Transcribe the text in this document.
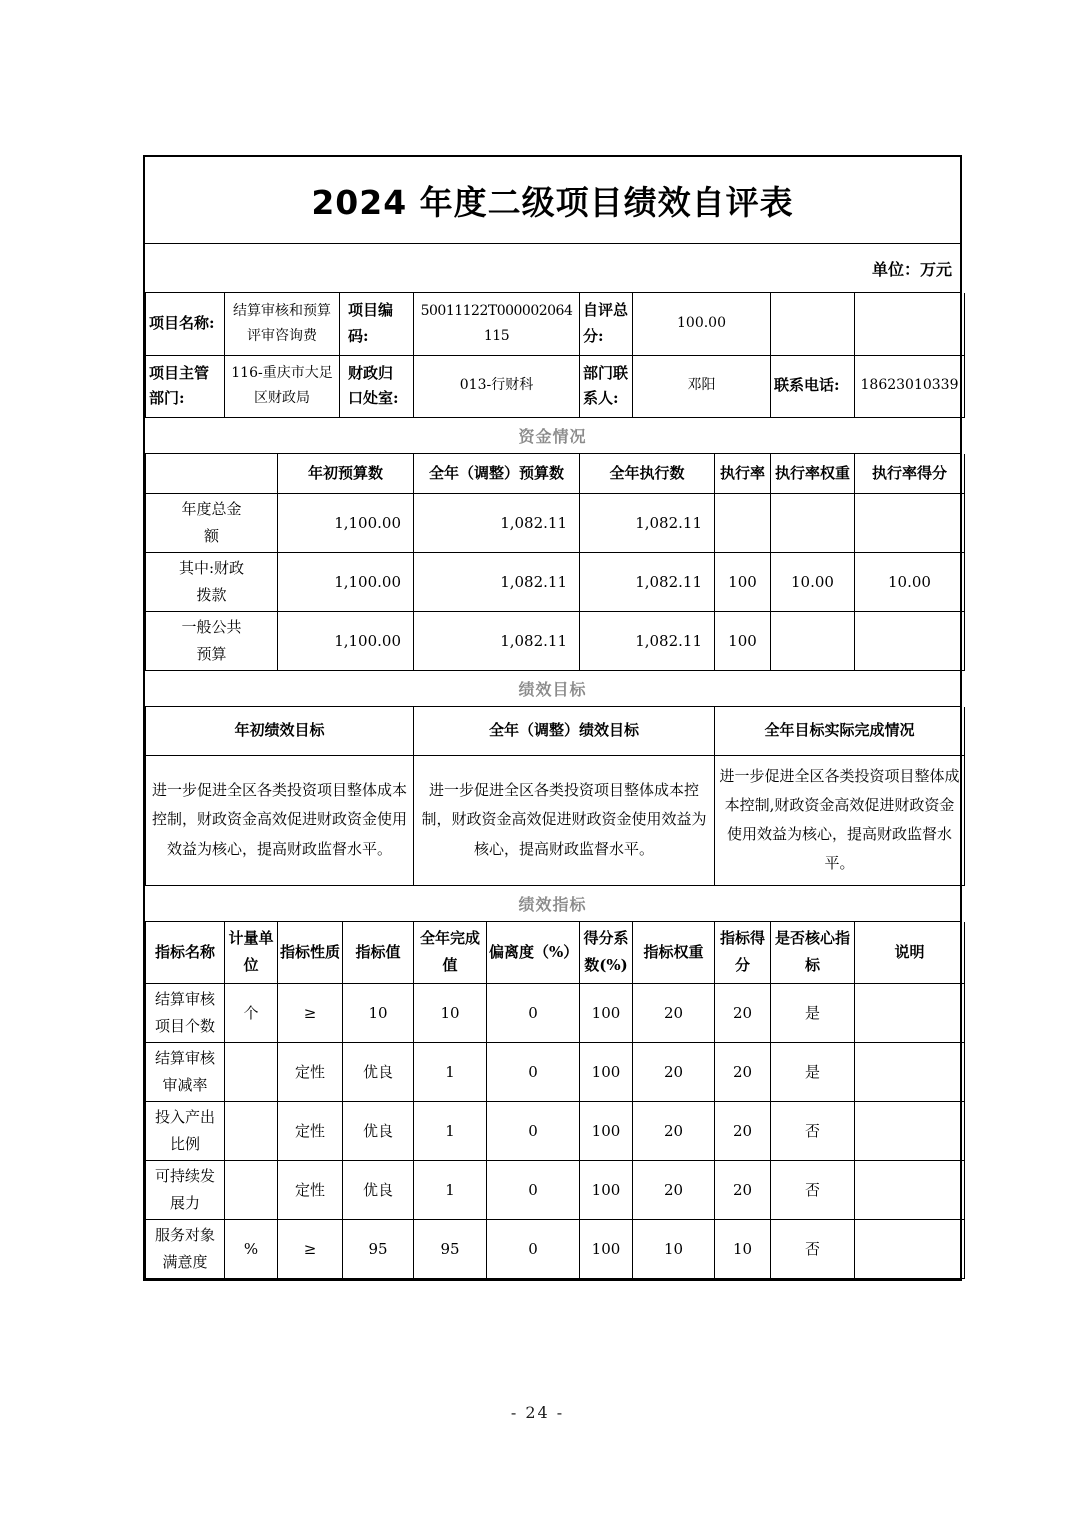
2024 年度二级项目绩效自评表
单位：万元
项目名称:	结算审核和预算评审咨询费	项目编码:	50011122T000002064115	自评总分:	100.00		
项目主管部门:	116-重庆市大足区财政局	财政归口处室:	013-行财科	部门联系人:	邓阳	联系电话:	18623010339
资金情况
	年初预算数	全年（调整）预算数	全年执行数	执行率	执行率权重	执行率得分
年度总金额	1,100.00	1,082.11	1,082.11			
其中:财政拨款	1,100.00	1,082.11	1,082.11	100	10.00	10.00
一般公共预算	1,100.00	1,082.11	1,082.11	100		
绩效目标
年初绩效目标	全年（调整）绩效目标	全年目标实际完成情况
进一步促进全区各类投资项目整体成本控制，财政资金高效促进财政资金使用效益为核心，提高财政监督水平。	进一步促进全区各类投资项目整体成本控制，财政资金高效促进财政资金使用效益为核心，提高财政监督水平。	进一步促进全区各类投资项目整体成本控制,财政资金高效促进财政资金使用效益为核心，提高财政监督水平。
绩效指标
指标名称	计量单位	指标性质	指标值	全年完成值	偏离度（%）	得分系数(%)	指标权重	指标得分	是否核心指标	说明
结算审核项目个数	个	≥	10	10	0	100	20	20	是	
结算审核审减率		定性	优良	1	0	100	20	20	是	
投入产出比例		定性	优良	1	0	100	20	20	否	
可持续发展力		定性	优良	1	0	100	20	20	否	
服务对象满意度	%	≥	95	95	0	100	10	10	否	
- 24 -
